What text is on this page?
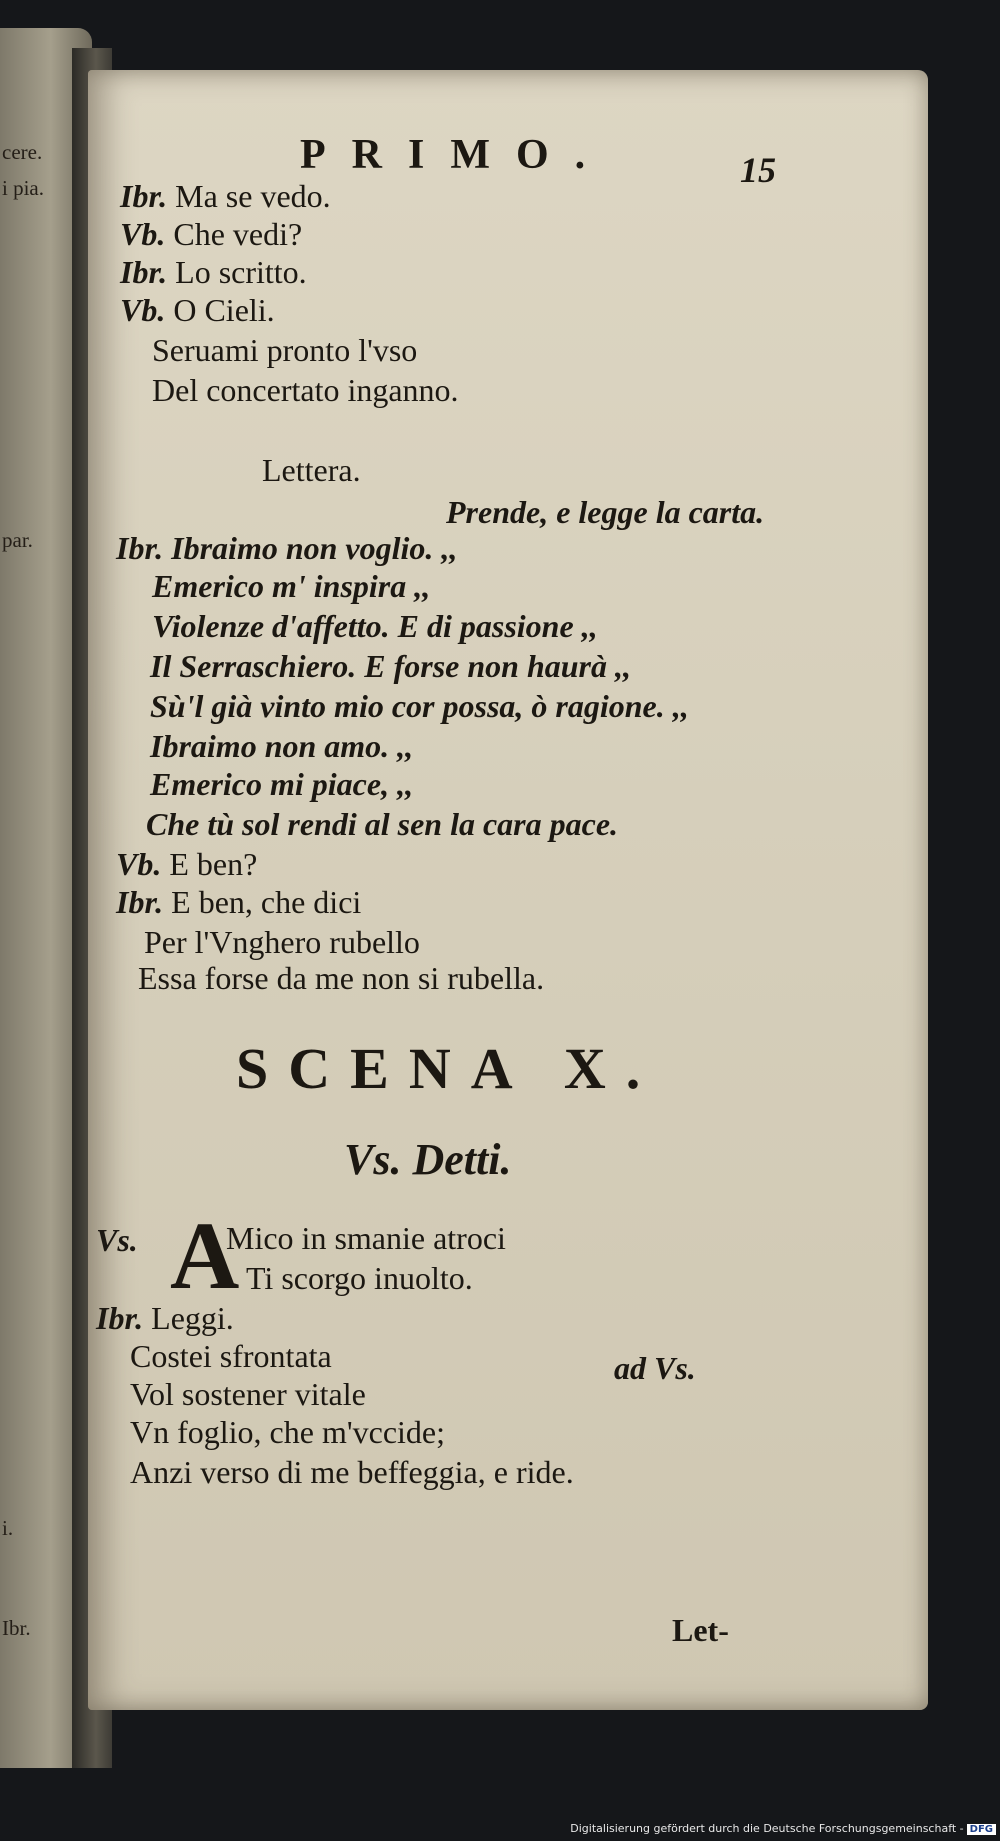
cere.
i pia.
par.
i.
Ibr.
PRIMO.	15
Ibr. Ma se vedo.
Vb. Che vedi?
Ibr. Lo scritto.
Vb. O Cieli.
Seruami pronto l'vso
Del concertato inganno.
Lettera.
Prende, e legge la carta.
Ibr. Ibraimo non voglio. ,,
Emerico m' inspira ,,
Violenze d'affetto. E di passione ,,
Il Serraschiero. E forse non haurà ,,
Sù'l già vinto mio cor possa, ò ragione. ,,
Ibraimo non amo. ,,
Emerico mi piace, ,,
Che tù sol rendi al sen la cara pace.
Vb. E ben?
Ibr. E ben, che dici
Per l'Vnghero rubello
Essa forse da me non si rubella.
SCENA X.
Vs. Detti.
Vs. A
Mico in smanie atroci
Ti scorgo inuolto.
Ibr. Leggi.
Costei sfrontata	ad Vs.
Vol sostener vitale
Vn foglio, che m'vccide;
Anzi verso di me beffeggia, e ride.
Let-
Digitalisierung gefördert durch die Deutsche Forschungsgemeinschaft - DFG
